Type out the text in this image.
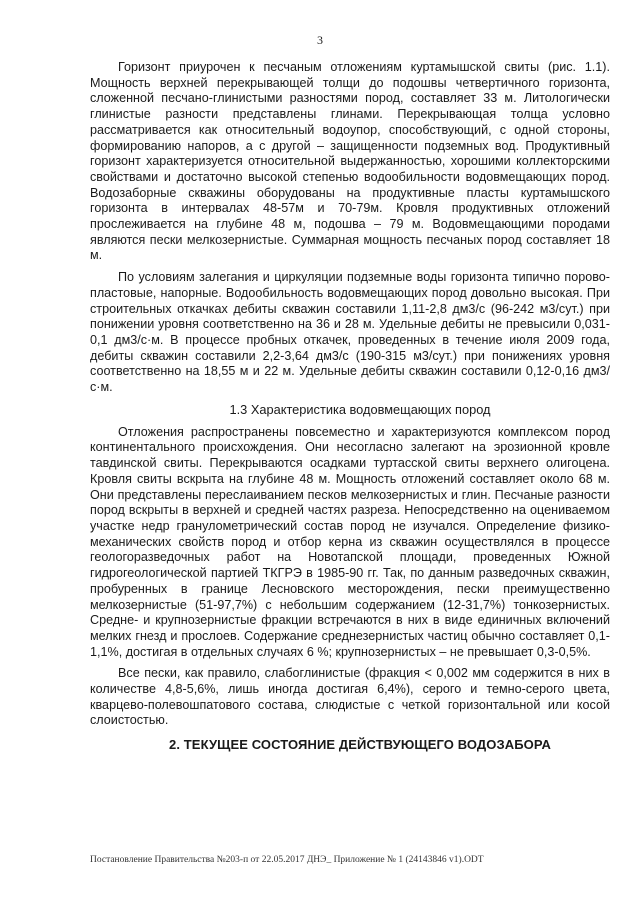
3

Горизонт приурочен к песчаным отложениям куртамышской свиты (рис. 1.1). Мощность верхней перекрывающей толщи до подошвы четвертичного горизонта, сложенной песчано-глинистыми разностями пород, составляет 33 м. Литологически глинистые разности представлены глинами. Перекрывающая толща условно рассматривается как относительный водоупор, способствующий, с одной стороны, формированию напоров, а с другой – защищенности подземных вод. Продуктивный горизонт характеризуется относительной выдержанностью, хорошими коллекторскими свойствами и достаточно высокой степенью водообильности водовмещающих пород. Водозаборные скважины оборудованы на продуктивные пласты куртамышского горизонта в интервалах 48-57м и 70-79м. Кровля продуктивных отложений прослеживается на глубине 48 м, подошва – 79 м. Водовмещающими породами являются пески мелкозернистые. Суммарная мощность песчаных пород составляет 18 м.

По условиям залегания и циркуляции подземные воды горизонта типично порово-пластовые, напорные. Водообильность водовмещающих пород довольно высокая. При строительных откачках дебиты скважин составили 1,11-2,8 дм3/с (96-242 м3/сут.) при понижении уровня соответственно на 36 и 28 м. Удельные дебиты не превысили 0,031-0,1 дм3/с·м. В процессе пробных откачек, проведенных в течение июля 2009 года, дебиты скважин составили 2,2-3,64 дм3/с (190-315 м3/сут.) при понижениях уровня соответственно на 18,55 м и 22 м. Удельные дебиты скважин составили 0,12-0,16 дм3/с·м.

1.3 Характеристика водовмещающих пород

Отложения распространены повсеместно и характеризуются комплексом пород континентального происхождения. Они несогласно залегают на эрозионной кровле тавдинской свиты. Перекрываются осадками туртасской свиты верхнего олигоцена. Кровля свиты вскрыта на глубине 48 м. Мощность отложений составляет около 68 м. Они представлены переслаиванием песков мелкозернистых и глин. Песчаные разности пород вскрыты в верхней и средней частях разреза. Непосредственно на оцениваемом участке недр гранулометрический состав пород не изучался. Определение физико-механических свойств пород и отбор керна из скважин осуществлялся в процессе геологоразведочных работ на Новотапской площади, проведенных Южной гидрогеологической партией ТКГРЭ в 1985-90 гг. Так, по данным разведочных скважин, пробуренных в границе Лесновского месторождения, пески преимущественно мелкозернистые (51-97,7%) с небольшим содержанием (12-31,7%) тонкозернистых. Средне- и крупнозернистые фракции встречаются в них в виде единичных включений мелких гнезд и прослоев. Содержание среднезернистых частиц обычно составляет 0,1-1,1%, достигая в отдельных случаях 6 %; крупнозернистых – не превышает 0,3-0,5%.

Все пески, как правило, слабоглинистые (фракция < 0,002 мм содержится в них в количестве 4,8-5,6%, лишь иногда достигая 6,4%), серого и темно-серого цвета, кварцево-полевошпатового состава, слюдистые с четкой горизонтальной или косой слоистостью.

2. ТЕКУЩЕЕ СОСТОЯНИЕ ДЕЙСТВУЮЩЕГО ВОДОЗАБОРА
Постановление Правительства №203-п от 22.05.2017 ДНЭ_ Приложение № 1 (24143846 v1).ODT
